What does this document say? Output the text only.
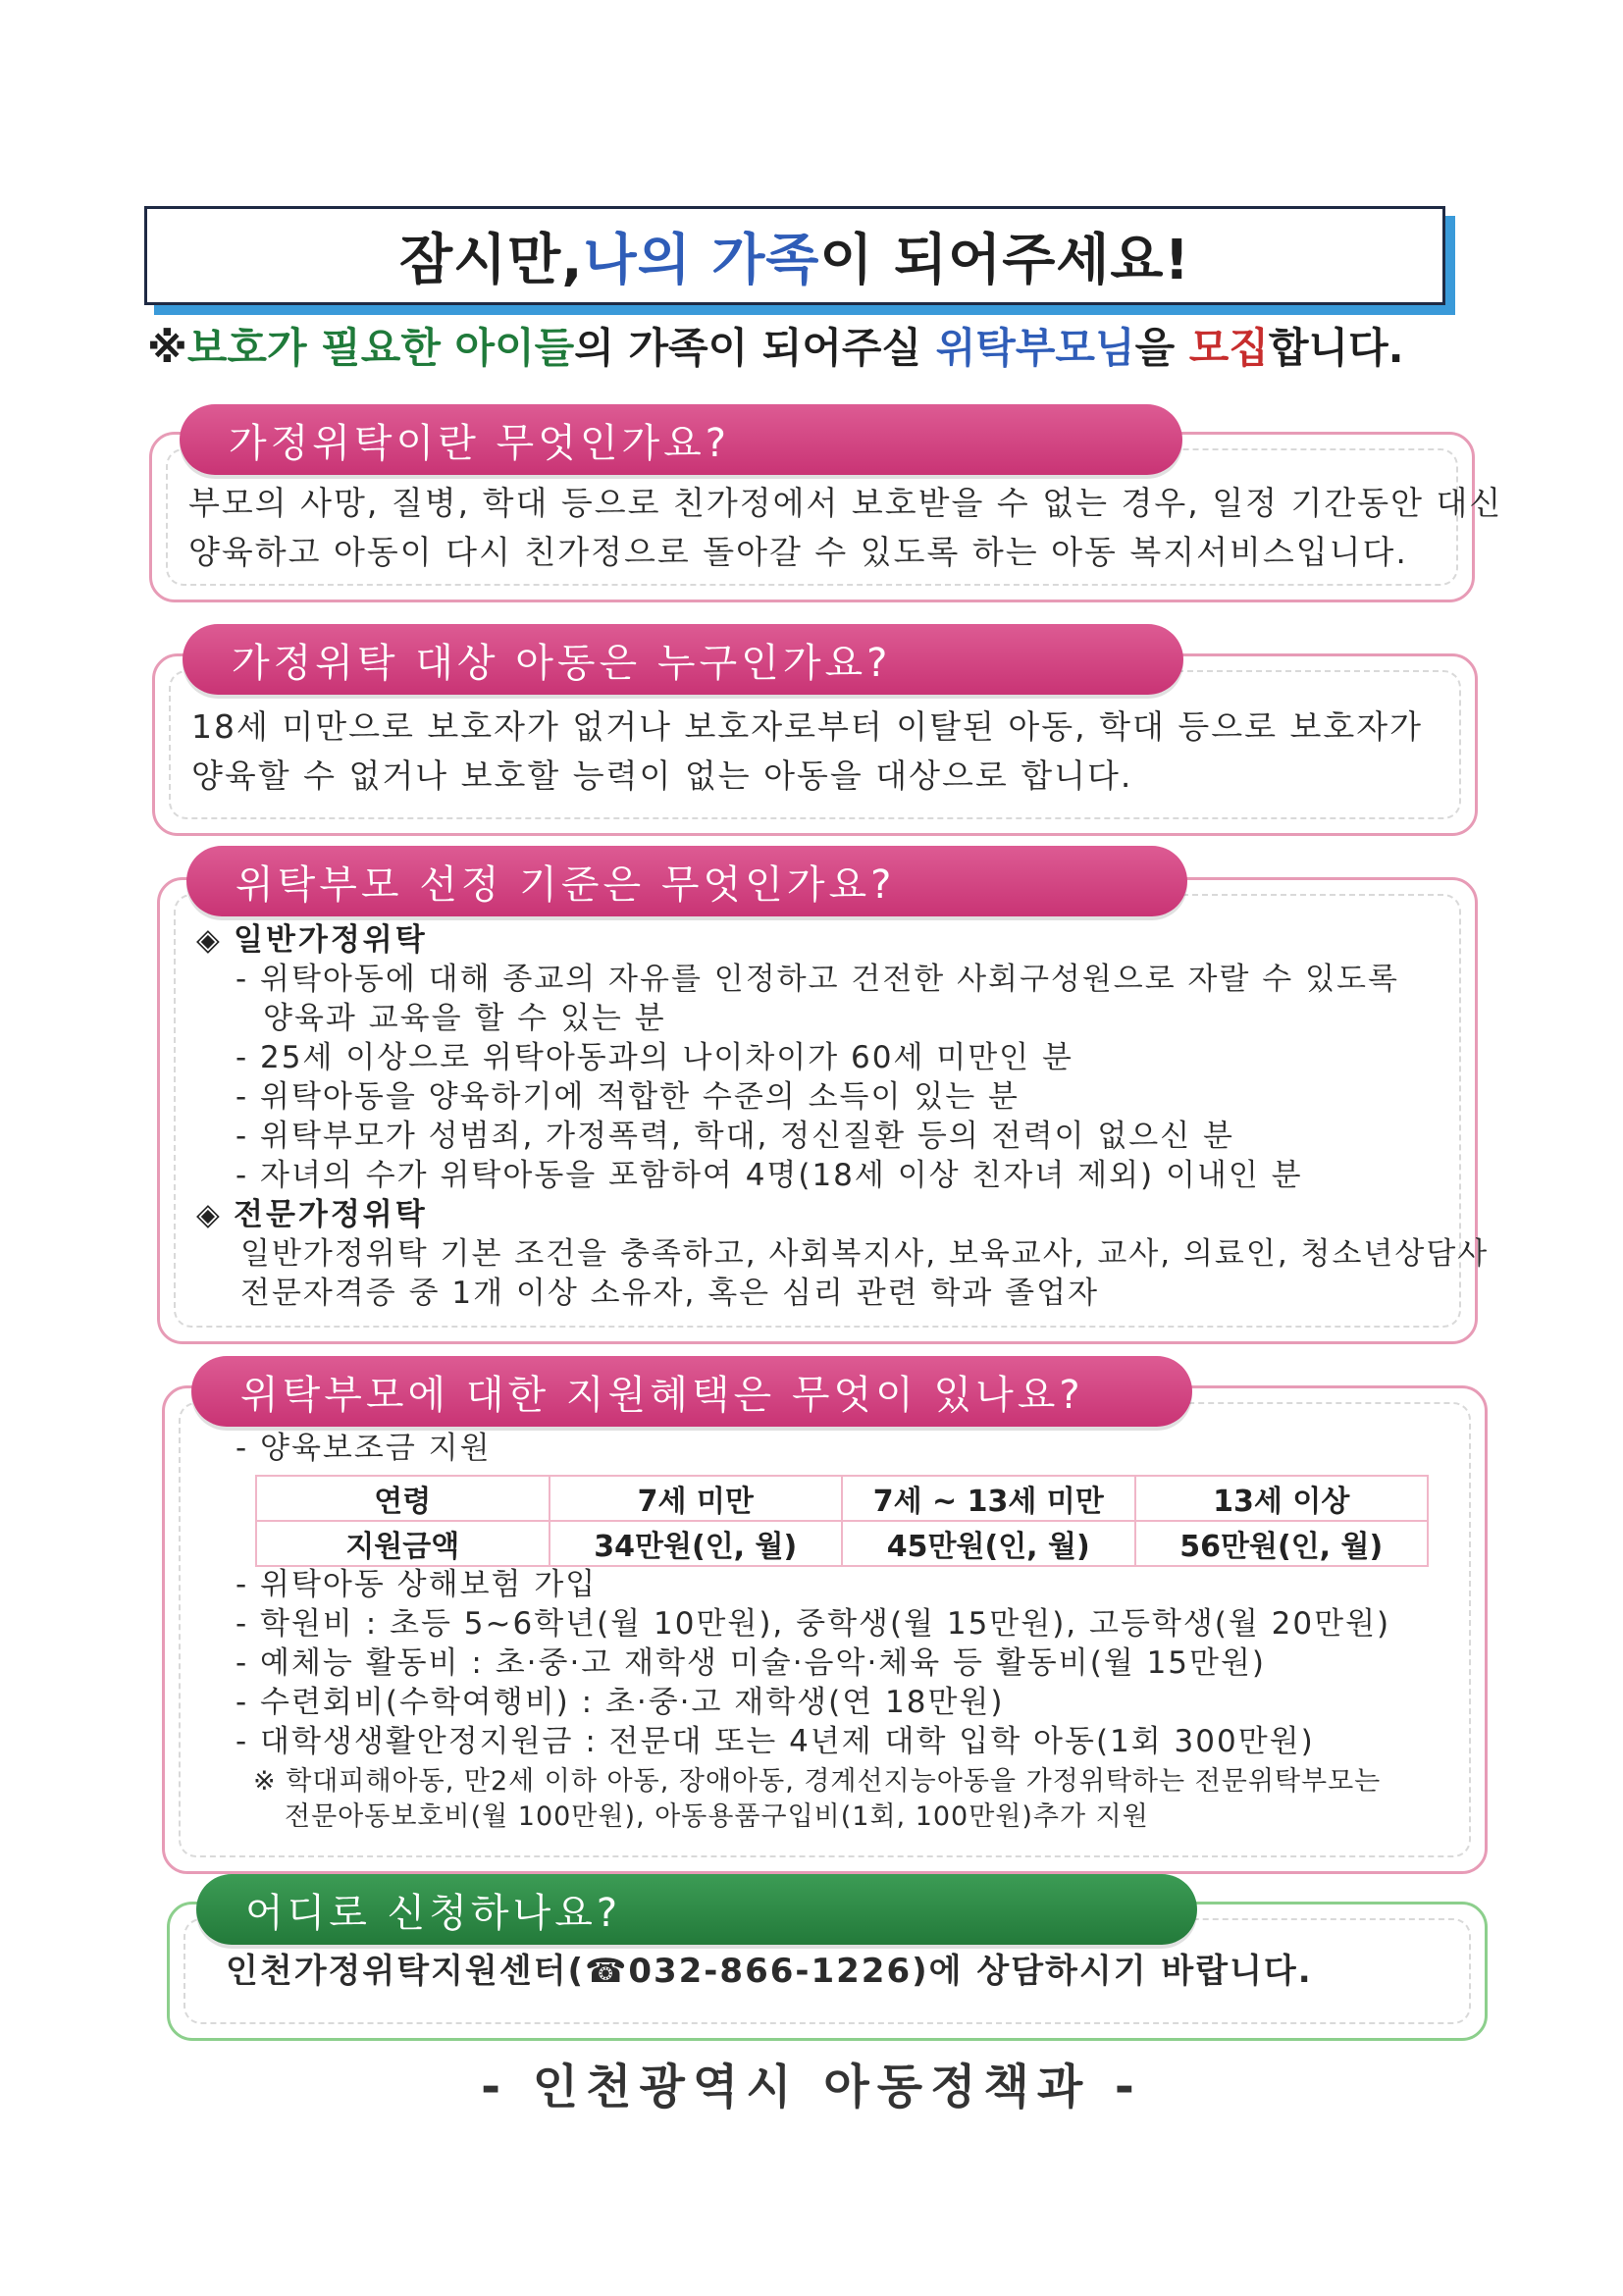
잠시만, 나의 가족 이 되어주세요!
※보호가 필요한 아이들의 가족이 되어주실 위탁부모님을 모집합니다.
가정위탁이란 무엇인가요?
부모의 사망, 질병, 학대 등으로 친가정에서 보호받을 수 없는 경우, 일정 기간동안 대신
양육하고 아동이 다시 친가정으로 돌아갈 수 있도록 하는 아동 복지서비스입니다.
가정위탁 대상 아동은 누구인가요?
18세 미만으로 보호자가 없거나 보호자로부터 이탈된 아동, 학대 등으로 보호자가
양육할 수 없거나 보호할 능력이 없는 아동을 대상으로 합니다.
위탁부모 선정 기준은 무엇인가요?
◈ 일반가정위탁
- 위탁아동에 대해 종교의 자유를 인정하고 건전한 사회구성원으로 자랄 수 있도록
양육과 교육을 할 수 있는 분
- 25세 이상으로 위탁아동과의 나이차이가 60세 미만인 분
- 위탁아동을 양육하기에 적합한 수준의 소득이 있는 분
- 위탁부모가 성범죄, 가정폭력, 학대, 정신질환 등의 전력이 없으신 분
- 자녀의 수가 위탁아동을 포함하여 4명(18세 이상 친자녀 제외) 이내인 분
◈ 전문가정위탁
일반가정위탁 기본 조건을 충족하고, 사회복지사, 보육교사, 교사, 의료인, 청소년상담사
전문자격증 중 1개 이상 소유자, 혹은 심리 관련 학과 졸업자
위탁부모에 대한 지원혜택은 무엇이 있나요?
- 양육보조금 지원
연령	7세 미만	7세 ~ 13세 미만	13세 이상
지원금액	34만원(인, 월)	45만원(인, 월)	56만원(인, 월)
- 위탁아동 상해보험 가입
- 학원비 : 초등 5~6학년(월 10만원), 중학생(월 15만원), 고등학생(월 20만원)
- 예체능 활동비 : 초·중·고 재학생 미술·음악·체육 등 활동비(월 15만원)
- 수련회비(수학여행비) : 초·중·고 재학생(연 18만원)
- 대학생생활안정지원금 : 전문대 또는 4년제 대학 입학 아동(1회 300만원)
※ 학대피해아동, 만2세 이하 아동, 장애아동, 경계선지능아동을 가정위탁하는 전문위탁부모는
전문아동보호비(월 100만원), 아동용품구입비(1회, 100만원)추가 지원
어디로 신청하나요?
인천가정위탁지원센터(☎032-866-1226)에 상담하시기 바랍니다.
- 인천광역시 아동정책과 -
